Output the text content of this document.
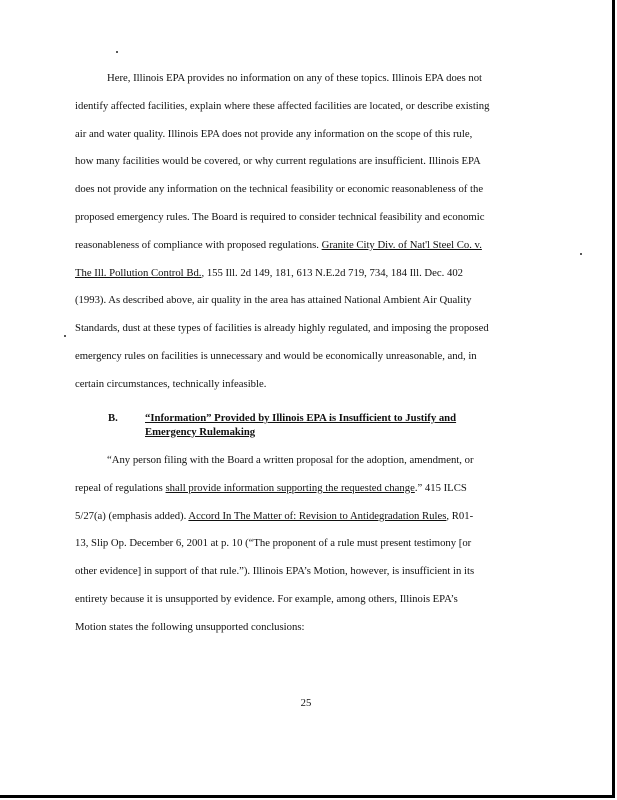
Here, Illinois EPA provides no information on any of these topics. Illinois EPA does not
identify affected facilities, explain where these affected facilities are located, or describe existing
air and water quality. Illinois EPA does not provide any information on the scope of this rule,
how many facilities would be covered, or why current regulations are insufficient. Illinois EPA
does not provide any information on the technical feasibility or economic reasonableness of the
proposed emergency rules. The Board is required to consider technical feasibility and economic
reasonableness of compliance with proposed regulations. Granite City Div. of Nat'l Steel Co. v.
The Ill. Pollution Control Bd., 155 Ill. 2d 149, 181, 613 N.E.2d 719, 734, 184 Ill. Dec. 402
(1993). As described above, air quality in the area has attained National Ambient Air Quality
Standards, dust at these types of facilities is already highly regulated, and imposing the proposed
emergency rules on facilities is unnecessary and would be economically unreasonable, and, in
certain circumstances, technically infeasible.
B.	“Information” Provided by Illinois EPA is Insufficient to Justify and
Emergency Rulemaking
“Any person filing with the Board a written proposal for the adoption, amendment, or
repeal of regulations shall provide information supporting the requested change.” 415 ILCS
5/27(a) (emphasis added). Accord In The Matter of: Revision to Antidegradation Rules, R01-
13, Slip Op. December 6, 2001 at p. 10 (“The proponent of a rule must present testimony [or
other evidence] in support of that rule.”). Illinois EPA’s Motion, however, is insufficient in its
entirety because it is unsupported by evidence. For example, among others, Illinois EPA’s
Motion states the following unsupported conclusions:
25
